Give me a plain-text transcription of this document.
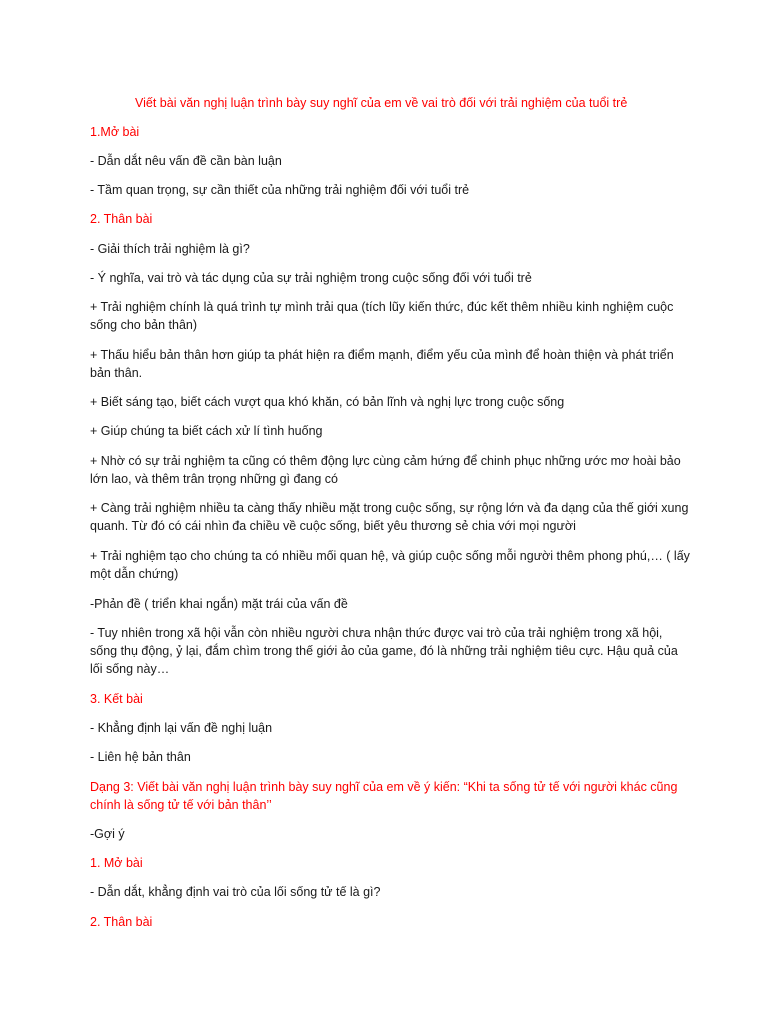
Viết bài văn nghị luận trình bày suy nghĩ của em về vai trò đối với trải nghiệm của tuổi trẻ

1.Mở bài

- Dẫn dắt nêu vấn đề cần bàn luận

- Tầm quan trọng, sự cần thiết của những trải nghiệm đối với tuổi trẻ

2. Thân bài

- Giải thích trải nghiệm là gì?

- Ý nghĩa, vai trò và tác dụng của sự trải nghiệm trong cuộc sống đối với tuổi trẻ

+ Trải nghiệm chính là quá trình tự mình trải qua (tích lũy kiến thức, đúc kết thêm nhiều kinh nghiệm cuộc sống cho bản thân)

+ Thấu hiểu bản thân hơn giúp ta phát hiện ra điểm mạnh, điểm yếu của mình để hoàn thiện và phát triển bản thân.

+ Biết sáng tạo, biết cách vượt qua khó khăn, có bản lĩnh và nghị lực trong cuộc sống

+ Giúp chúng ta biết cách xử lí tình huống

+ Nhờ có sự trải nghiệm ta cũng có thêm động lực cùng cảm hứng để chinh phục những ước mơ hoài bảo lớn lao, và thêm trân trọng những gì đang có

+ Càng trải nghiệm nhiều ta càng thấy nhiều mặt trong cuộc sống, sự rộng lớn và đa dạng của thế giới xung quanh. Từ đó có cái nhìn đa chiều về cuộc sống, biết yêu thương sẻ chia với mọi người

+ Trải nghiệm tạo cho chúng ta có nhiều mối quan hệ, và giúp cuộc sống mỗi người thêm phong phú,… ( lấy một dẫn chứng)

-Phản đề ( triển khai ngắn) mặt trái của vấn đề

- Tuy nhiên trong xã hội vẫn còn nhiều người chưa nhận thức được vai trò của trải nghiệm trong xã hội, sống thụ động, ỷ lại, đắm chìm trong thế giới ảo của game, đó là những trải nghiệm tiêu cực. Hậu quả của lối sống này…

3. Kết bài

- Khẳng định lại vấn đề nghị luận

- Liên hệ bản thân

Dạng 3: Viết bài văn nghị luận trình bày suy nghĩ của em về ý kiến: “Khi ta sống tử tế với người khác cũng chính là sống tử tế với bản thân’’

-Gợi ý

1. Mở bài

- Dẫn dắt, khẳng định vai trò của lối sống tử tế là gì?

2. Thân bài
